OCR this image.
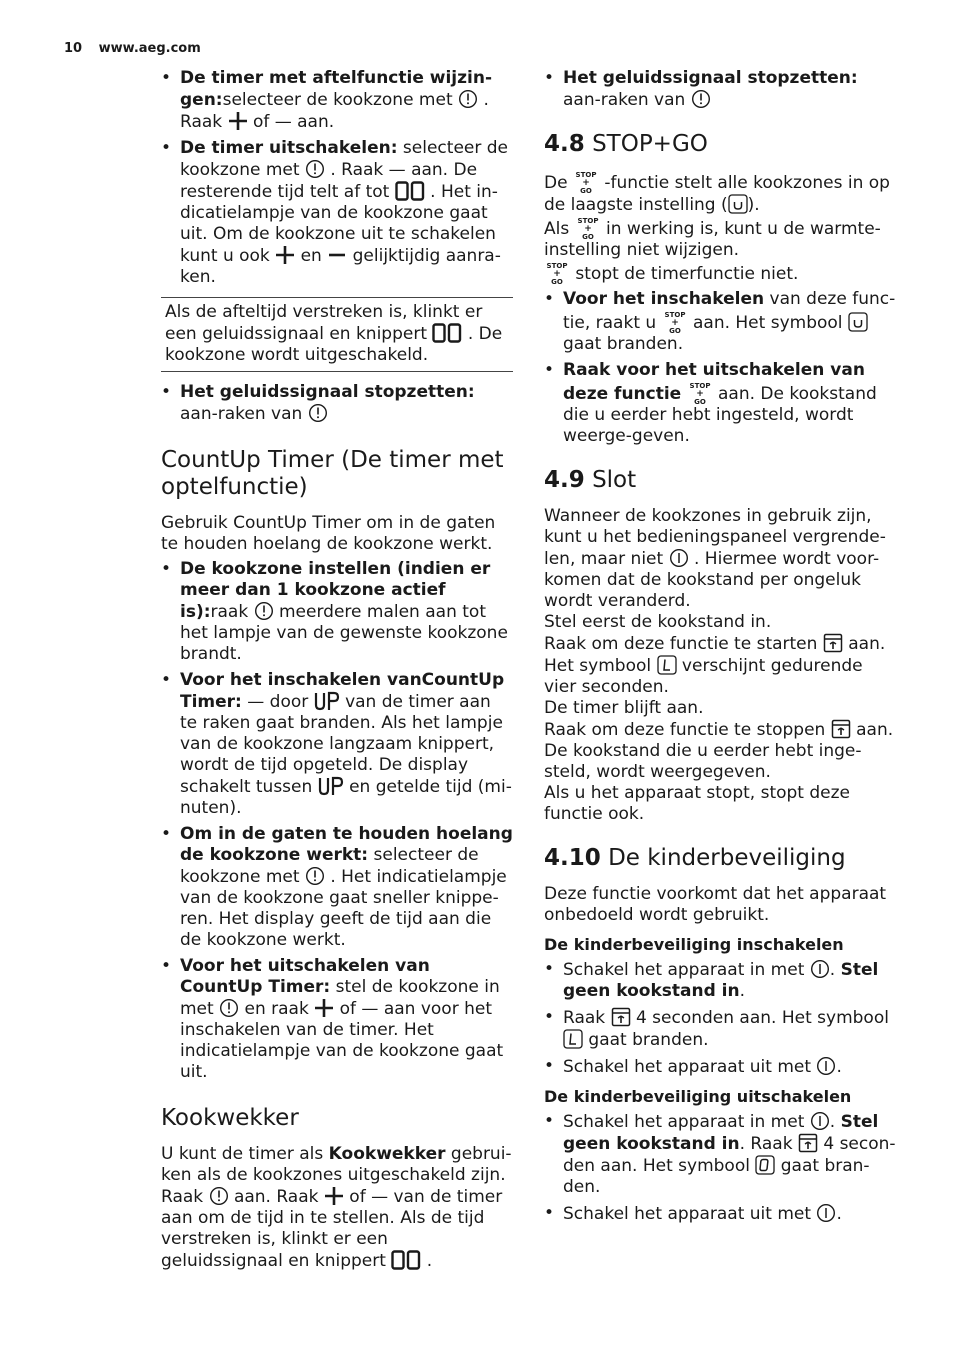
10 www.aeg.com
• De timer met aftelfunctie wijzin-gen:selecteer de kookzone met . Raak of — aan.
• De timer uitschakelen: selecteer de kookzone met . Raak — aan. De resterende tijd telt af tot . Het in-dicatielampje van de kookzone gaat uit. Om de kookzone uit te schakelen kunt u ook en gelijktijdig aanra-ken.
Als de afteltijd verstreken is, klinkt er een geluidssignaal en knippert . De kookzone wordt uitgeschakeld.
• Het geluidssignaal stopzetten: aan-raken van
CountUp Timer (De timer met optelfunctie)

Gebruik CountUp Timer om in de gaten te houden hoelang de kookzone werkt.

• De kookzone instellen (indien er meer dan 1 kookzone actief is):raak meerdere malen aan tot het lampje van de gewenste kookzone brandt.
• Voor het inschakelen vanCountUp Timer: — door van de timer aan te raken gaat branden. Als het lampje van de kookzone langzaam knippert, wordt de tijd opgeteld. De display schakelt tussen en getelde tijd (mi-nuten).
• Om in de gaten te houden hoelang de kookzone werkt: selecteer de kookzone met . Het indicatielampje van de kookzone gaat sneller knippe-ren. Het display geeft de tijd aan die de kookzone werkt.
• Voor het uitschakelen van CountUp Timer: stel de kookzone in met en raak of — aan voor het inschakelen van de timer. Het indicatielampje van de kookzone gaat uit.
Kookwekker

U kunt de timer als Kookwekker gebrui-ken als de kookzones uitgeschakeld zijn. Raak aan. Raak of — van de timer aan om de tijd in te stellen. Als de tijd verstreken is, klinkt er een geluidssignaal en knippert .

• Het geluidssignaal stopzetten: aan-raken van
4.8 STOP+GO

De STOP
+
GO -functie stelt alle kookzones in op de laagste instelling ( ).

Als STOP
+
GO in werking is, kunt u de warmte-instelling niet wijzigen.

STOP
+
GO stopt de timerfunctie niet.

• Voor het inschakelen van deze func-tie, raakt u STOP
+
GO aan. Het symbool
gaat branden.
• Raak voor het uitschakelen van deze functie STOP
+
GO aan. De kookstand die u eerder hebt ingesteld, wordt weerge-geven.
4.9 Slot

Wanneer de kookzones in gebruik zijn, kunt u het bedieningspaneel vergrende-len, maar niet . Hiermee wordt voor-komen dat de kookstand per ongeluk wordt veranderd.

Stel eerst de kookstand in.

Raak om deze functie te starten aan.

Het symbool verschijnt gedurende vier seconden.

De timer blijft aan.

Raak om deze functie te stoppen aan.

De kookstand die u eerder hebt inge-steld, wordt weergegeven.

Als u het apparaat stopt, stopt deze functie ook.

4.10 De kinderbeveiliging

Deze functie voorkomt dat het apparaat onbedoeld wordt gebruikt.

De kinderbeveiliging inschakelen
• Schakel het apparaat in met . Stel geen kookstand in.
• Raak 4 seconden aan. Het symbool
gaat branden.
• Schakel het apparaat uit met .
De kinderbeveiliging uitschakelen
• Schakel het apparaat in met . Stel geen kookstand in. Raak 4 secon-den aan. Het symbool gaat bran-den.
• Schakel het apparaat uit met .
